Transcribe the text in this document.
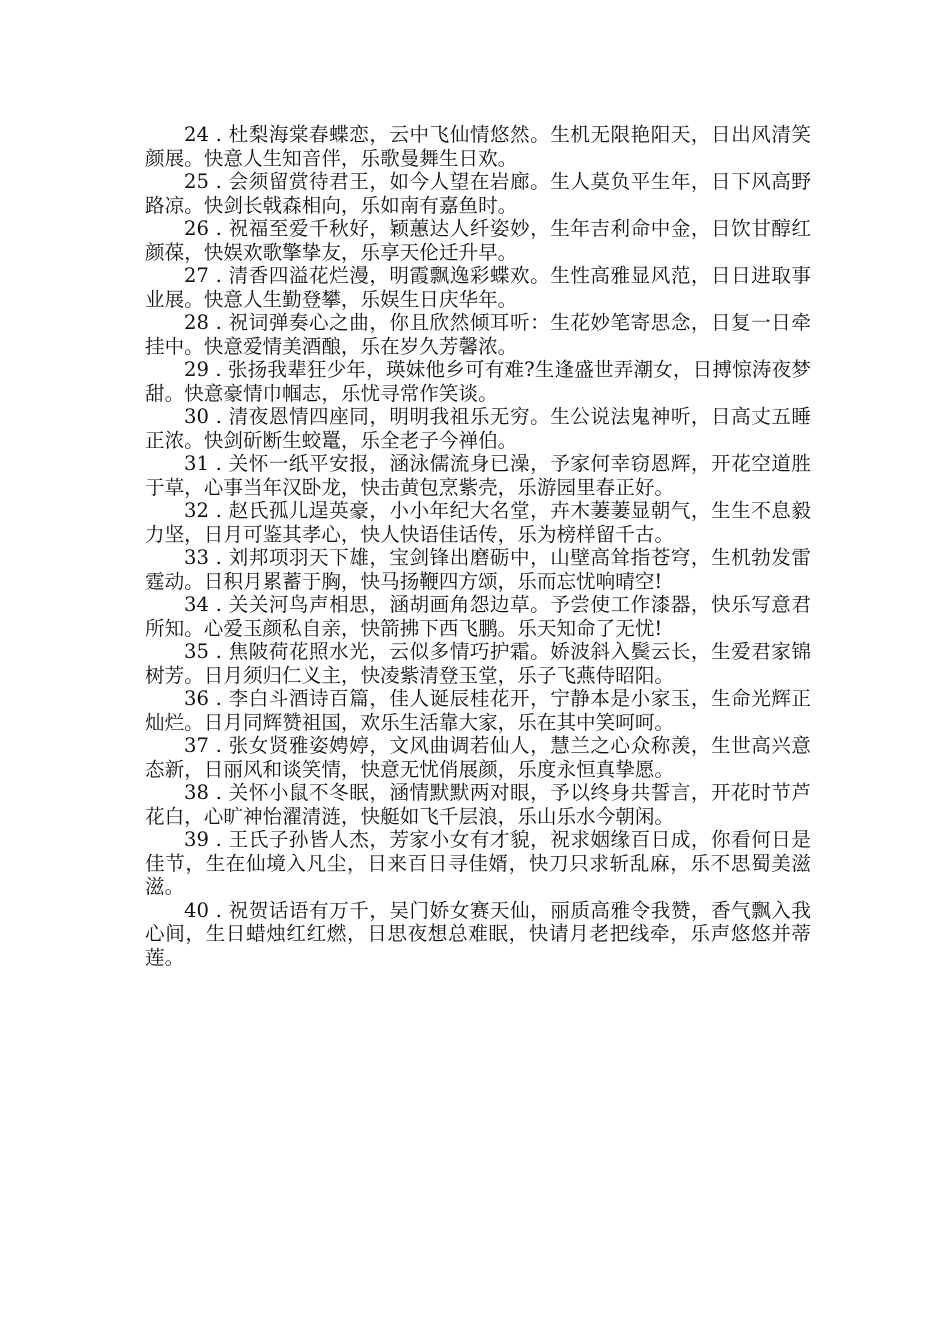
24 . 杜梨海棠春蝶恋，云中飞仙情悠然。生机无限艳阳天，日出风清笑颜展。快意人生知音伴，乐歌曼舞生日欢。

25 . 会须留赏待君王，如今人望在岩廊。生人莫负平生年，日下风高野路凉。快剑长戟森相向，乐如南有嘉鱼时。

26 . 祝福至爱千秋好，颖蕙达人纤姿妙，生年吉利命中金，日饮甘醇红颜葆，快娱欢歌擎挚友，乐享天伦迁升早。

27 . 清香四溢花烂漫，明霞飘逸彩蝶欢。生性高雅显风范，日日进取事业展。快意人生勤登攀，乐娱生日庆华年。

28 . 祝词弹奏心之曲，你且欣然倾耳听：生花妙笔寄思念，日复一日牵挂中。快意爱情美酒酿，乐在岁久芳馨浓。

29 . 张扬我辈狂少年，瑛妹他乡可有难?生逢盛世弄潮女，日搏惊涛夜梦甜。快意豪情巾帼志，乐忧寻常作笑谈。

30 . 清夜恩情四座同，明明我祖乐无穷。生公说法鬼神听，日高丈五睡正浓。快剑斫断生蛟鼍，乐全老子今禅伯。

31 . 关怀一纸平安报，涵泳儒流身已澡，予家何幸窃恩辉，开花空道胜于草，心事当年汉卧龙，快击黄包烹紫壳，乐游园里春正好。

32 . 赵氏孤儿逞英豪，小小年纪大名堂，卉木萋萋显朝气，生生不息毅力坚，日月可鉴其孝心，快人快语佳话传，乐为榜样留千古。

33 . 刘邦项羽天下雄，宝剑锋出磨砺中，山壁高耸指苍穹，生机勃发雷霆动。日积月累蓄于胸，快马扬鞭四方颂，乐而忘忧响晴空!

34 . 关关河鸟声相思，涵胡画角怨边草。予尝使工作漆器，快乐写意君所知。心爱玉颜私自亲，快箭拂下西飞鹏。乐天知命了无忧!

35 . 焦陂荷花照水光，云似多情巧护霜。娇波斜入鬓云长，生爱君家锦树芳。日月须归仁义主，快凌紫清登玉堂，乐子飞燕侍昭阳。

36 . 李白斗酒诗百篇，佳人诞辰桂花开，宁静本是小家玉，生命光辉正灿烂。日月同辉赞祖国，欢乐生活靠大家，乐在其中笑呵呵。

37 . 张女贤雅姿娉婷，文风曲调若仙人，慧兰之心众称羡，生世高兴意态新，日丽风和谈笑情，快意无忧俏展颜，乐度永恒真挚愿。

38 . 关怀小鼠不冬眠，涵情默默两对眼，予以终身共誓言，开花时节芦花白，心旷神怡濯清涟，快艇如飞千层浪，乐山乐水今朝闲。

39 . 王氏子孙皆人杰，芳家小女有才貌，祝求姻缘百日成，你看何日是佳节，生在仙境入凡尘，日来百日寻佳婿，快刀只求斩乱麻，乐不思蜀美滋滋。

40 . 祝贺话语有万千，吴门娇女赛天仙，丽质高雅令我赞，香气飘入我心间，生日蜡烛红红燃，日思夜想总难眠，快请月老把线牵，乐声悠悠并蒂莲。
